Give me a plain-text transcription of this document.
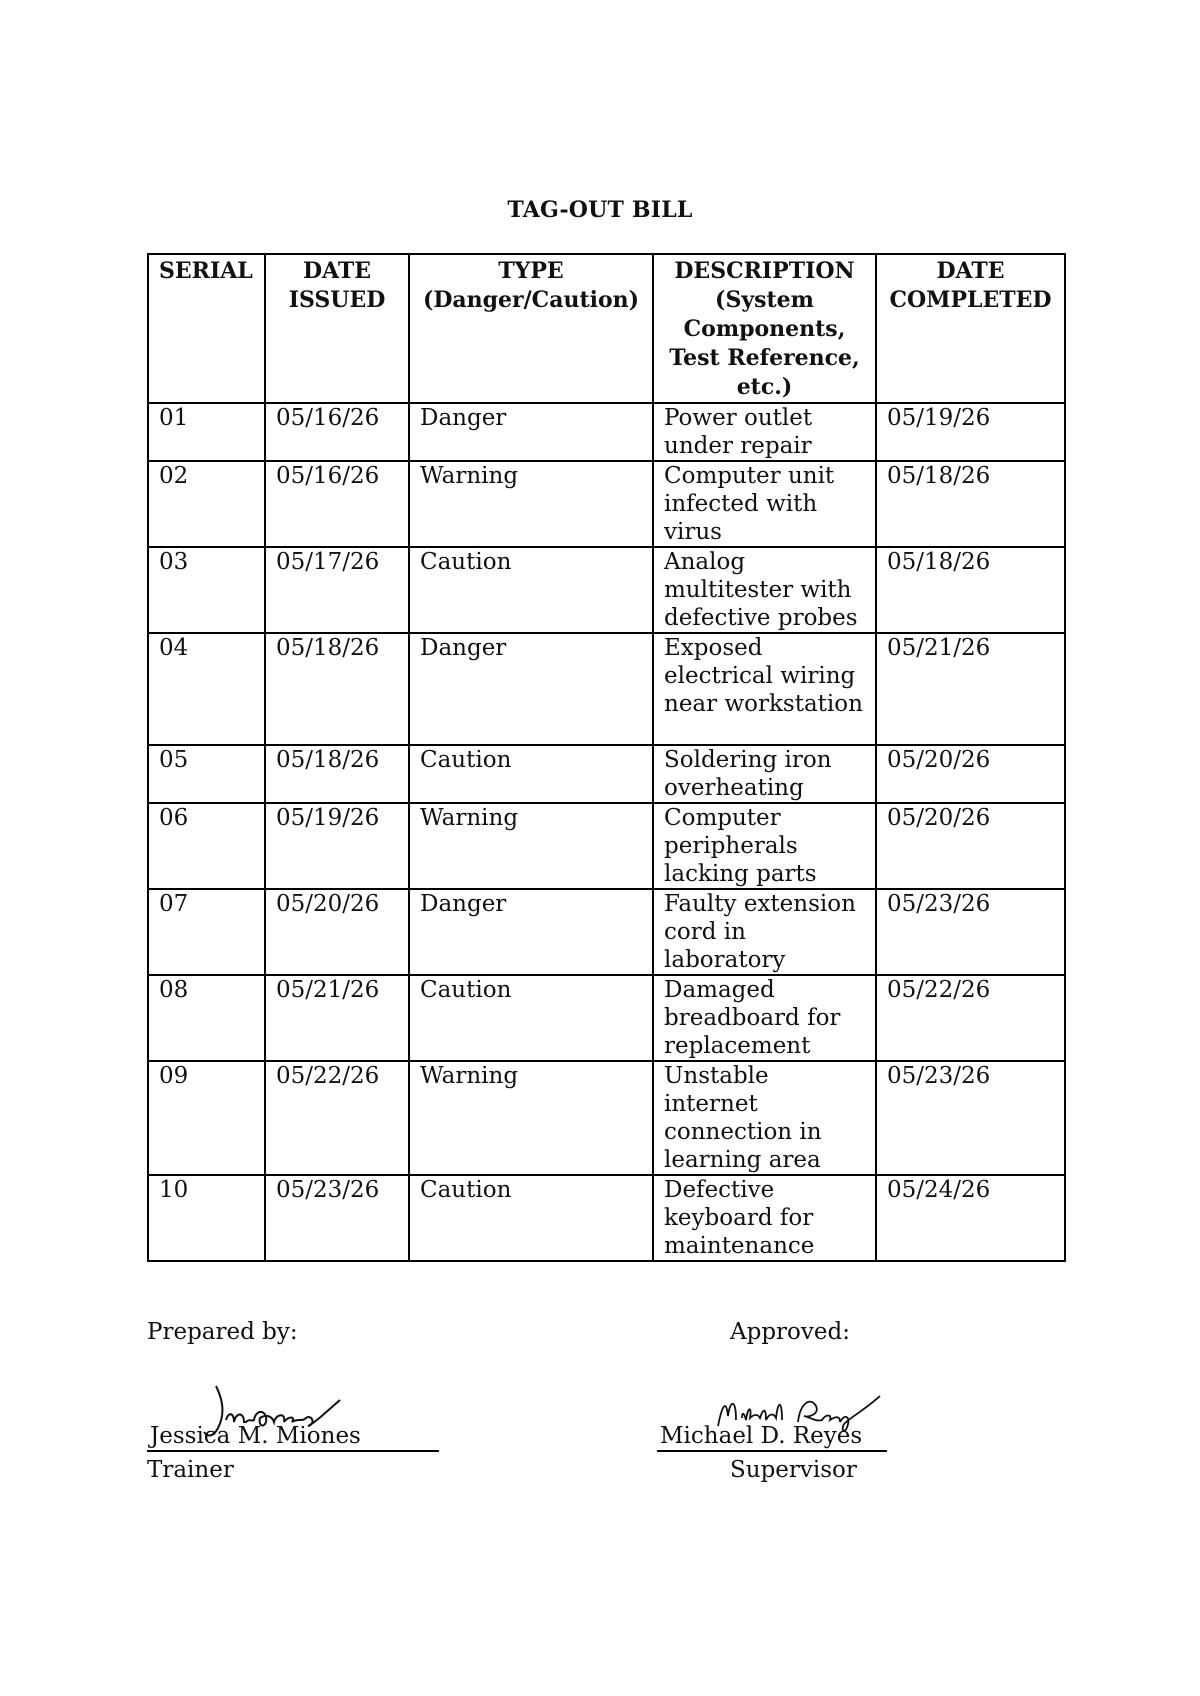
TAG-OUT BILL
SERIAL	DATE ISSUED	TYPE (Danger/Caution)	DESCRIPTION (System Components, Test Reference, etc.)	DATE COMPLETED
01	05/16/26	Danger	Power outlet under repair	05/19/26
02	05/16/26	Warning	Computer unit infected with virus	05/18/26
03	05/17/26	Caution	Analog multitester with defective probes	05/18/26
04	05/18/26	Danger	Exposed electrical wiring near workstation	05/21/26
05	05/18/26	Caution	Soldering iron overheating	05/20/26
06	05/19/26	Warning	Computer peripherals lacking parts	05/20/26
07	05/20/26	Danger	Faulty extension cord in laboratory	05/23/26
08	05/21/26	Caution	Damaged breadboard for replacement	05/22/26
09	05/22/26	Warning	Unstable internet connection in learning area	05/23/26
10	05/23/26	Caution	Defective keyboard for maintenance	05/24/26
Prepared by:
Jessica M. Miones
Trainer
Approved:
Michael D. Reyes
Supervisor
